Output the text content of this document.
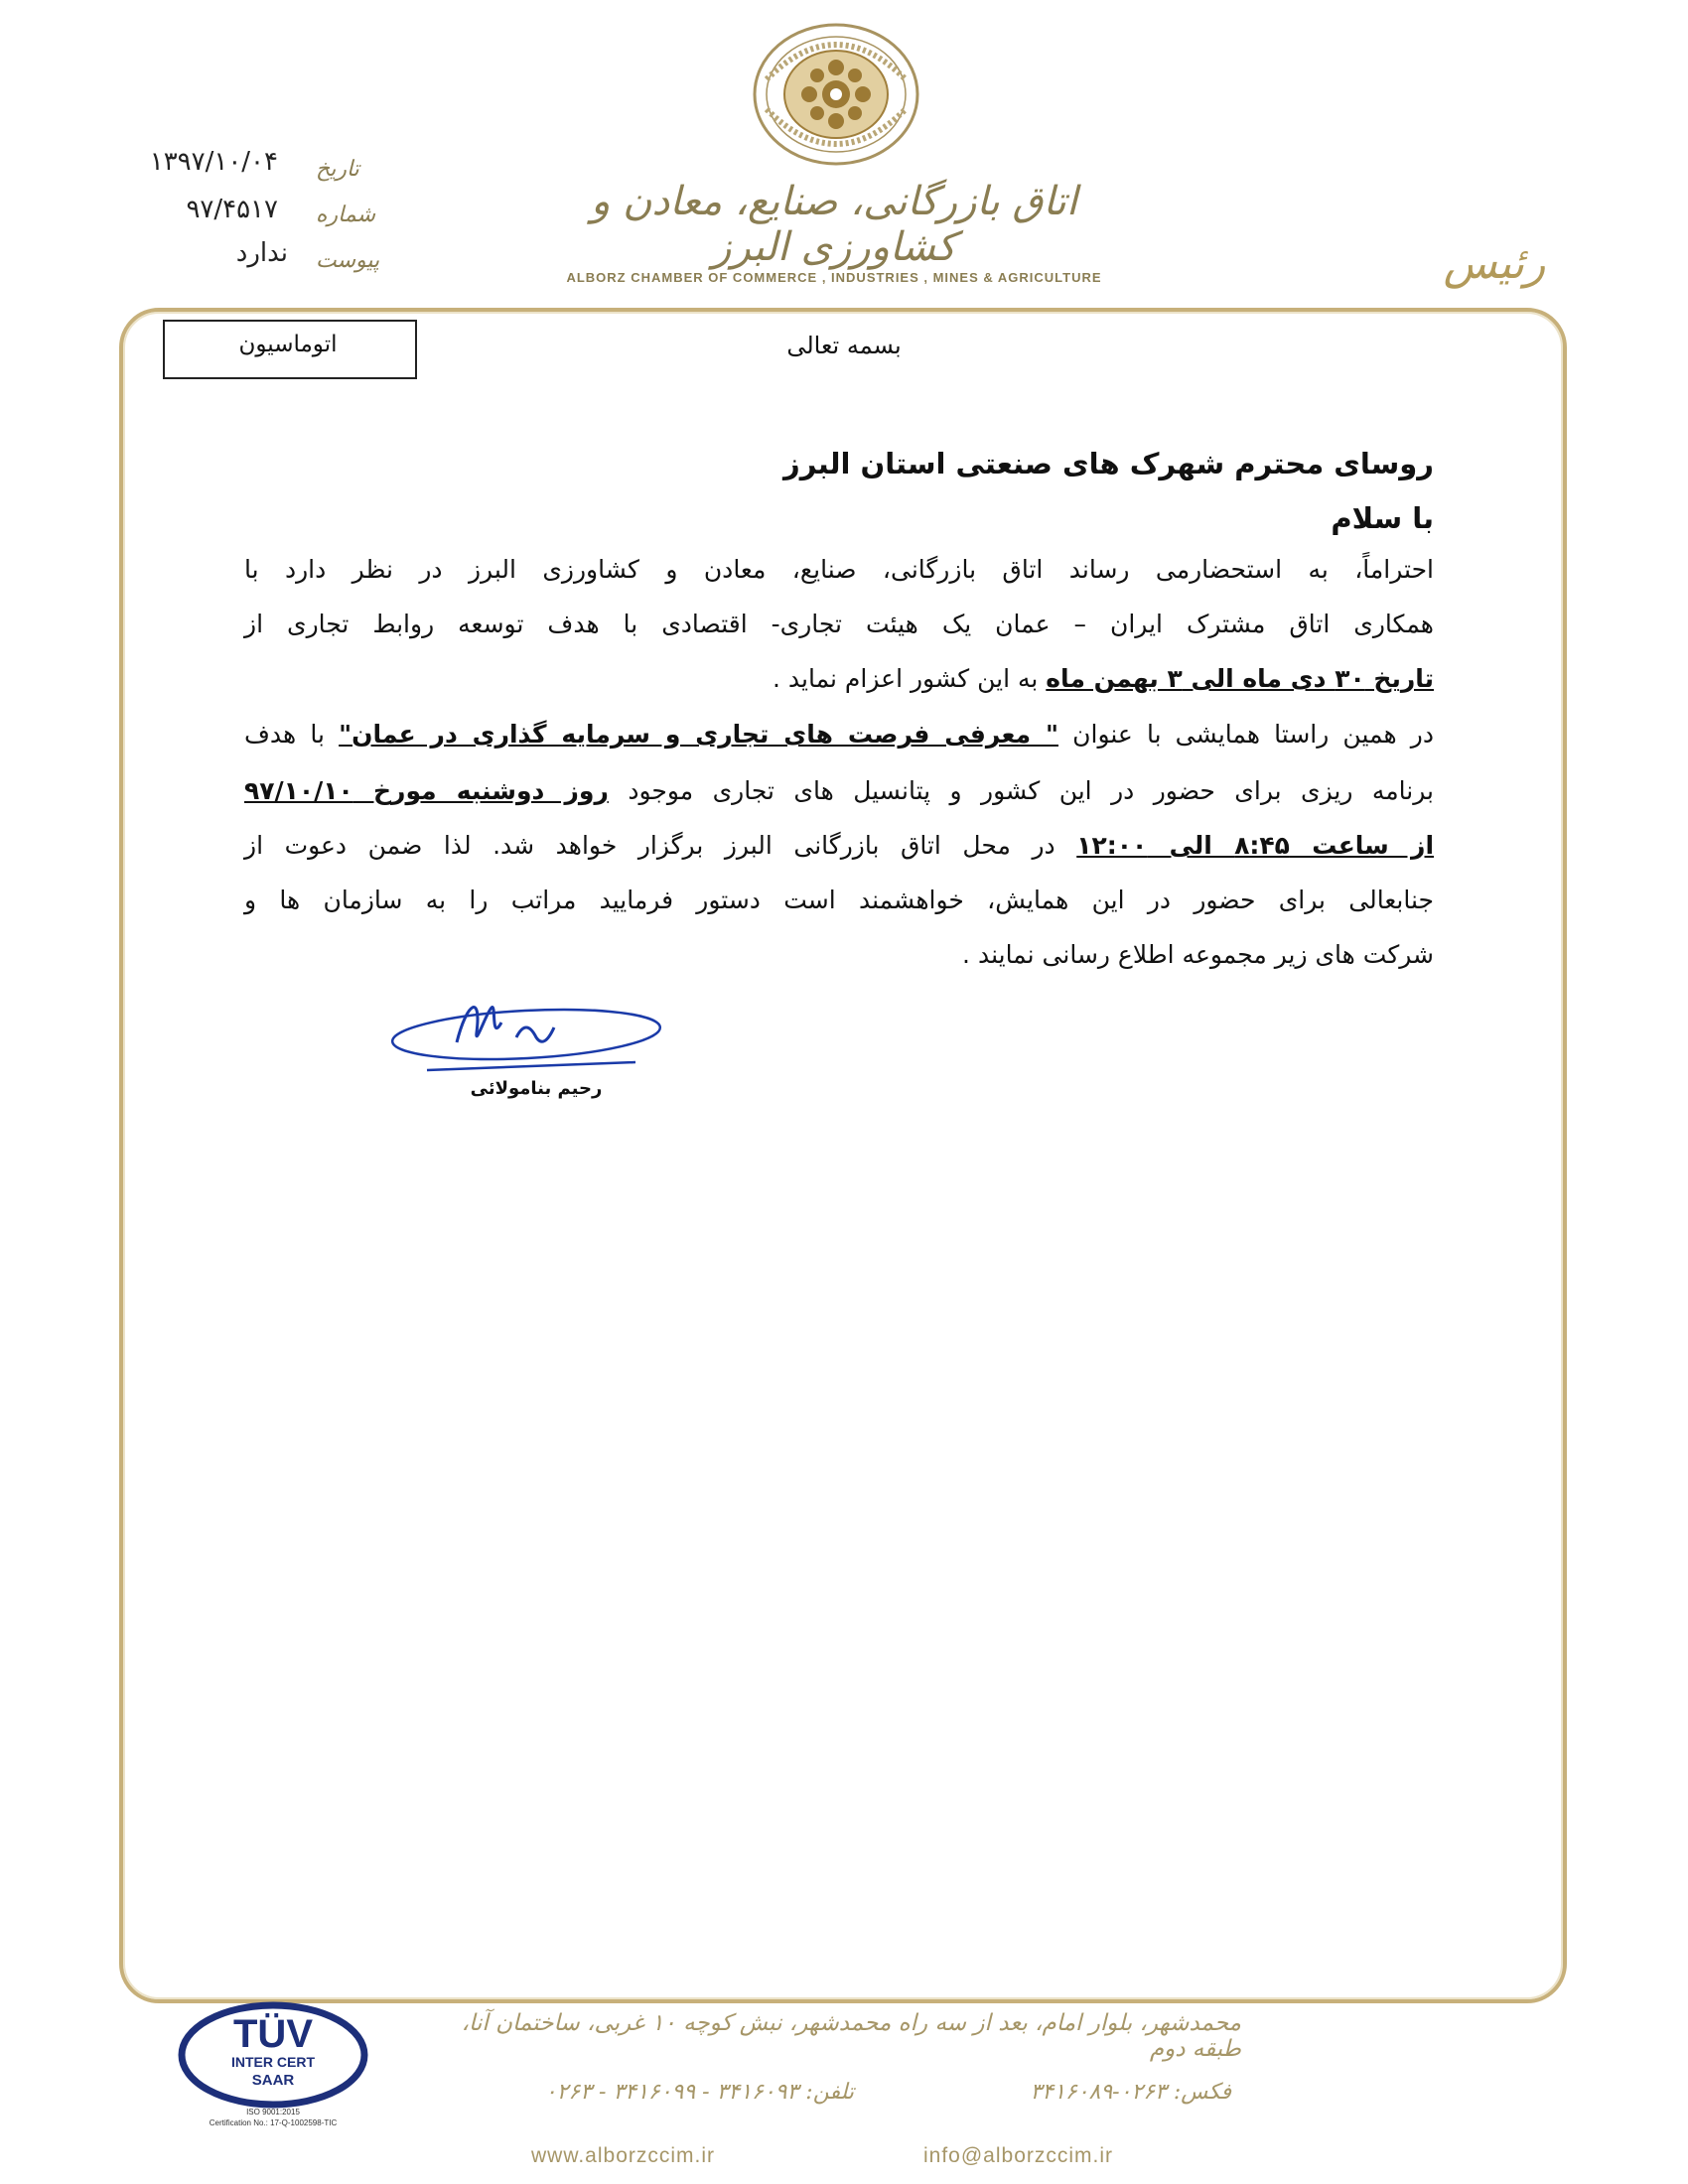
اتاق بازرگانی، صنایع، معادن و کشاورزی البرز
ALBORZ CHAMBER OF COMMERCE , INDUSTRIES , MINES & AGRICULTURE	رئیس
تاریخ
۱۳۹۷/۱۰/۰۴
شماره
۹۷/۴۵۱۷
پیوست
ندارد
اتوماسیون	بسمه تعالی
روسای محترم شهرک های صنعتی استان البرز
با سلام
احتراماً، به استحضارمی رساند اتاق بازرگانی، صنایع، معادن و کشاورزی البرز در نظر دارد با
همکاری اتاق مشترک ایران – عمان یک هیئت تجاری- اقتصادی با هدف توسعه روابط تجاری از
تاریخ ۳۰ دی ماه الی ۳ بهمن ماه به این کشور اعزام نماید .
در همین راستا همایشی با عنوان " معرفی فرصت های تجاری و سرمایه گذاری در عمان" با هدف
برنامه ریزی برای حضور در این کشور و پتانسیل های تجاری موجود روز دوشنبه مورخ ۹۷/۱۰/۱۰
از ساعت ۸:۴۵ الی ۱۲:۰۰ در محل اتاق بازرگانی البرز برگزار خواهد شد. لذا ضمن دعوت از
جنابعالی برای حضور در این همایش، خواهشمند است دستور فرمایید مراتب را به سازمان ها و
شرکت های زیر مجموعه اطلاع رسانی نمایند .
رحیم بنامولائی
TÜV
INTER CERT
SAAR
ISO 9001:2015
Certification No.: 17-Q-1002598-TIC
محمدشهر، بلوار امام، بعد از سه راه محمدشهر، نبش کوچه ۱۰ غربی، ساختمان آنا، طبقه دوم
فکس: ۰۲۶۳-۳۴۱۶۰۸۹
تلفن: ۳۴۱۶۰۹۳ - ۳۴۱۶۰۹۹ - ۰۲۶۳
www.alborzccim.ir	info@alborzccim.ir
